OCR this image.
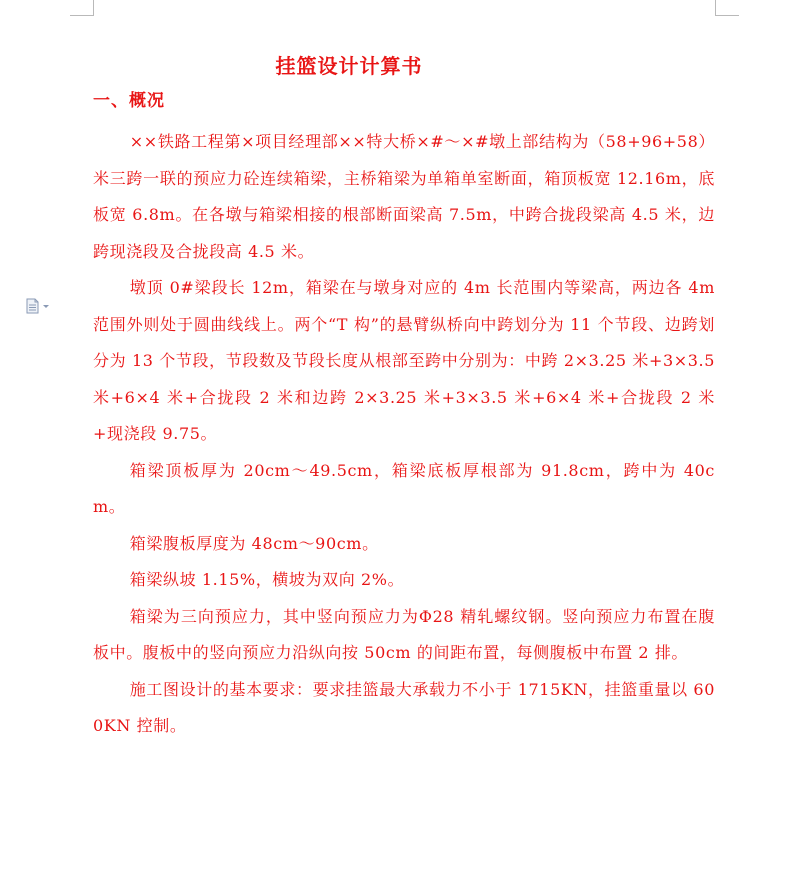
挂篮设计计算书
一、概况

××铁路工程第×项目经理部××特大桥×#～×#墩上部结构为（58+96+58）米三跨一联的预应力砼连续箱梁，主桥箱梁为单箱单室断面，箱顶板宽 12.16m，底板宽 6.8m。在各墩与箱梁相接的根部断面梁高 7.5m，中跨合拢段梁高 4.5 米，边跨现浇段及合拢段高 4.5 米。

墩顶 0#梁段长 12m，箱梁在与墩身对应的 4m 长范围内等梁高，两边各 4m 范围外则处于圆曲线线上。两个“T 构”的悬臂纵桥向中跨划分为 11 个节段、边跨划分为 13 个节段，节段数及节段长度从根部至跨中分别为：中跨 2×3.25 米+3×3.5 米+6×4 米+合拢段 2 米和边跨 2×3.25 米+3×3.5 米+6×4 米+合拢段 2 米+现浇段 9.75。

箱梁顶板厚为 20cm～49.5cm，箱梁底板厚根部为 91.8cm，跨中为 40cm。

箱梁腹板厚度为 48cm～90cm。

箱梁纵坡 1.15%，横坡为双向 2%。

箱梁为三向预应力，其中竖向预应力为Φ28 精轧螺纹钢。竖向预应力布置在腹板中。腹板中的竖向预应力沿纵向按 50cm 的间距布置，每侧腹板中布置 2 排。

施工图设计的基本要求：要求挂篮最大承载力不小于 1715KN，挂篮重量以 600KN 控制。
